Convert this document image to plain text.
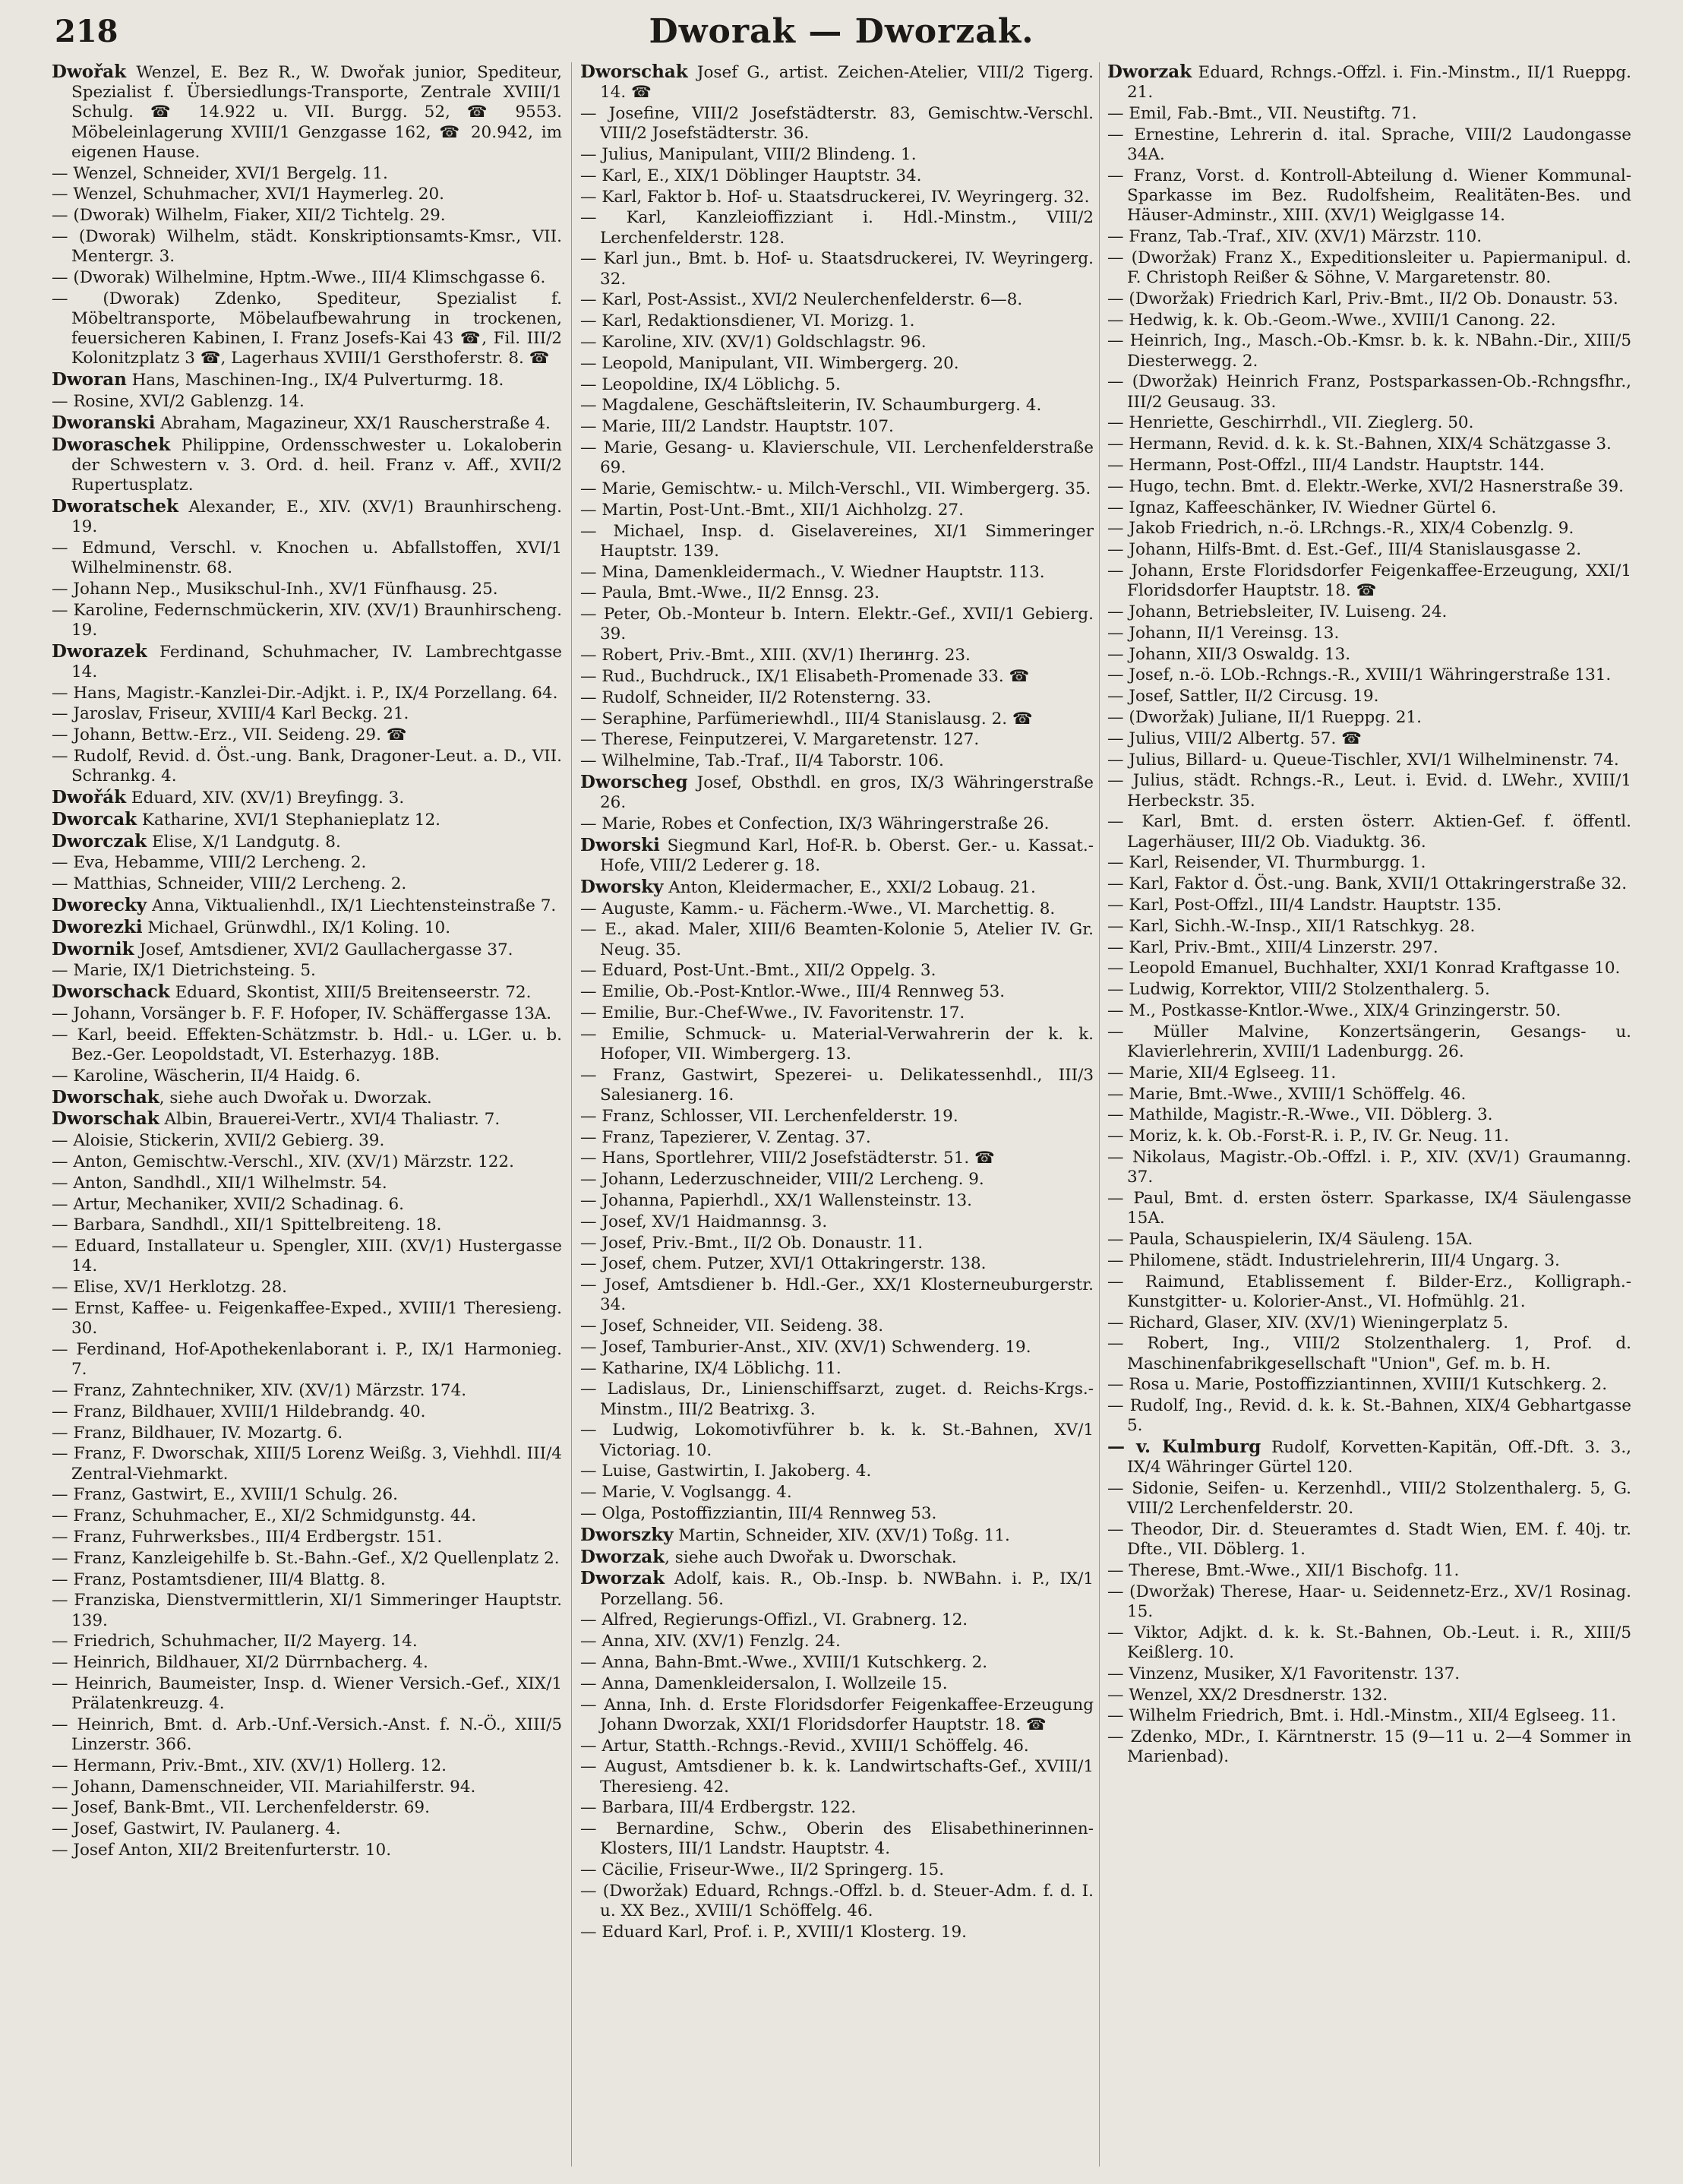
218	Dworak — Dworzak.
Dwořak Wenzel, E. Bez R., W. Dwořak junior, Spediteur, Spezialist f. Übersiedlungs-Transporte, Zentrale XVIII/1 Schulg. ☎ 14.922 u. VII. Burgg. 52, ☎ 9553. Möbeleinlagerung XVIII/1 Genzgasse 162, ☎ 20.942, im eigenen Hause.
— Wenzel, Schneider, XVI/1 Bergelg. 11.
— Wenzel, Schuhmacher, XVI/1 Haymerleg. 20.
— (Dworak) Wilhelm, Fiaker, XII/2 Tichtelg. 29.
— (Dworak) Wilhelm, städt. Konskriptionsamts-Kmsr., VII. Mentergr. 3.
— (Dworak) Wilhelmine, Hptm.-Wwe., III/4 Klimschgasse 6.
— (Dworak) Zdenko, Spediteur, Spezialist f. Möbeltransporte, Möbelaufbewahrung in trockenen, feuersicheren Kabinen, I. Franz Josefs-Kai 43 ☎, Fil. III/2 Kolonitzplatz 3 ☎, Lagerhaus XVIII/1 Gersthoferstr. 8. ☎
Dworan Hans, Maschinen-Ing., IX/4 Pulverturmg. 18.
— Rosine, XVI/2 Gablenzg. 14.
Dworanski Abraham, Magazineur, XX/1 Rauscherstraße 4.
Dworaschek Philippine, Ordensschwester u. Lokaloberin der Schwestern v. 3. Ord. d. heil. Franz v. Aff., XVII/2 Rupertusplatz.
Dworatschek Alexander, E., XIV. (XV/1) Braunhirscheng. 19.
— Edmund, Verschl. v. Knochen u. Abfallstoffen, XVI/1 Wilhelminenstr. 68.
— Johann Nep., Musikschul-Inh., XV/1 Fünfhausg. 25.
— Karoline, Federnschmückerin, XIV. (XV/1) Braunhirscheng. 19.
Dworazek Ferdinand, Schuhmacher, IV. Lambrechtgasse 14.
— Hans, Magistr.-Kanzlei-Dir.-Adjkt. i. P., IX/4 Porzellang. 64.
— Jaroslav, Friseur, XVIII/4 Karl Beckg. 21.
— Johann, Bettw.-Erz., VII. Seideng. 29. ☎
— Rudolf, Revid. d. Öst.-ung. Bank, Dragoner-Leut. a. D., VII. Schrankg. 4.
Dwořák Eduard, XIV. (XV/1) Breyfingg. 3.
Dworcak Katharine, XVI/1 Stephanieplatz 12.
Dworczak Elise, X/1 Landgutg. 8.
— Eva, Hebamme, VIII/2 Lercheng. 2.
— Matthias, Schneider, VIII/2 Lercheng. 2.
Dworecky Anna, Viktualienhdl., IX/1 Liechtensteinstraße 7.
Dworezki Michael, Grünwdhl., IX/1 Koling. 10.
Dwornik Josef, Amtsdiener, XVI/2 Gaullachergasse 37.
— Marie, IX/1 Dietrichsteing. 5.
Dworschack Eduard, Skontist, XIII/5 Breitenseerstr. 72.
— Johann, Vorsänger b. F. F. Hofoper, IV. Schäffergasse 13A.
— Karl, beeid. Effekten-Schätzmstr. b. Hdl.- u. LGer. u. b. Bez.-Ger. Leopoldstadt, VI. Esterhazyg. 18B.
— Karoline, Wäscherin, II/4 Haidg. 6.
Dworschak, siehe auch Dwořak u. Dworzak.
Dworschak Albin, Brauerei-Vertr., XVI/4 Thaliastr. 7.
— Aloisie, Stickerin, XVII/2 Gebierg. 39.
— Anton, Gemischtw.-Verschl., XIV. (XV/1) Märzstr. 122.
— Anton, Sandhdl., XII/1 Wilhelmstr. 54.
— Artur, Mechaniker, XVII/2 Schadinag. 6.
— Barbara, Sandhdl., XII/1 Spittelbreiteng. 18.
— Eduard, Installateur u. Spengler, XIII. (XV/1) Hustergasse 14.
— Elise, XV/1 Herklotzg. 28.
— Ernst, Kaffee- u. Feigenkaffee-Exped., XVIII/1 Theresieng. 30.
— Ferdinand, Hof-Apothekenlaborant i. P., IX/1 Harmonieg. 7.
— Franz, Zahntechniker, XIV. (XV/1) Märzstr. 174.
— Franz, Bildhauer, XVIII/1 Hildebrandg. 40.
— Franz, Bildhauer, IV. Mozartg. 6.
— Franz, F. Dworschak, XIII/5 Lorenz Weißg. 3, Viehhdl. III/4 Zentral-Viehmarkt.
— Franz, Gastwirt, E., XVIII/1 Schulg. 26.
— Franz, Schuhmacher, E., XI/2 Schmidgunstg. 44.
— Franz, Fuhrwerksbes., III/4 Erdbergstr. 151.
— Franz, Kanzleigehilfe b. St.-Bahn.-Gef., X/2 Quellenplatz 2.
— Franz, Postamtsdiener, III/4 Blattg. 8.
— Franziska, Dienstvermittlerin, XI/1 Simmeringer Hauptstr. 139.
— Friedrich, Schuhmacher, II/2 Mayerg. 14.
— Heinrich, Bildhauer, XI/2 Dürrnbacherg. 4.
— Heinrich, Baumeister, Insp. d. Wiener Versich.-Gef., XIX/1 Prälatenkreuzg. 4.
— Heinrich, Bmt. d. Arb.-Unf.-Versich.-Anst. f. N.-Ö., XIII/5 Linzerstr. 366.
— Hermann, Priv.-Bmt., XIV. (XV/1) Hollerg. 12.
— Johann, Damenschneider, VII. Mariahilferstr. 94.
— Josef, Bank-Bmt., VII. Lerchenfelderstr. 69.
— Josef, Gastwirt, IV. Paulanerg. 4.
— Josef Anton, XII/2 Breitenfurterstr. 10.
Dworschak Josef G., artist. Zeichen-Atelier, VIII/2 Tigerg. 14. ☎
— Josefine, VIII/2 Josefstädterstr. 83, Gemischtw.-Verschl. VIII/2 Josefstädterstr. 36.
— Julius, Manipulant, VIII/2 Blindeng. 1.
— Karl, E., XIX/1 Döblinger Hauptstr. 34.
— Karl, Faktor b. Hof- u. Staatsdruckerei, IV. Weyringerg. 32.
— Karl, Kanzleioffizziant i. Hdl.-Minstm., VIII/2 Lerchenfelderstr. 128.
— Karl jun., Bmt. b. Hof- u. Staatsdruckerei, IV. Weyringerg. 32.
— Karl, Post-Assist., XVI/2 Neulerchenfelderstr. 6—8.
— Karl, Redaktionsdiener, VI. Morizg. 1.
— Karoline, XIV. (XV/1) Goldschlagstr. 96.
— Leopold, Manipulant, VII. Wimbergerg. 20.
— Leopoldine, IX/4 Löblichg. 5.
— Magdalene, Geschäftsleiterin, IV. Schaumburgerg. 4.
— Marie, III/2 Landstr. Hauptstr. 107.
— Marie, Gesang- u. Klavierschule, VII. Lerchenfelderstraße 69.
— Marie, Gemischtw.- u. Milch-Verschl., VII. Wimbergerg. 35.
— Martin, Post-Unt.-Bmt., XII/1 Aichholzg. 27.
— Michael, Insp. d. Giselavereines, XI/1 Simmeringer Hauptstr. 139.
— Mina, Damenkleidermach., V. Wiedner Hauptstr. 113.
— Paula, Bmt.-Wwe., II/2 Ennsg. 23.
— Peter, Ob.-Monteur b. Intern. Elektr.-Gef., XVII/1 Gebierg. 39.
— Robert, Priv.-Bmt., XIII. (XV/1) Iherингg. 23.
— Rud., Buchdruck., IX/1 Elisabeth-Promenade 33. ☎
— Rudolf, Schneider, II/2 Rotensterng. 33.
— Seraphine, Parfümeriewhdl., III/4 Stanislausg. 2. ☎
— Therese, Feinputzerei, V. Margaretenstr. 127.
— Wilhelmine, Tab.-Traf., II/4 Taborstr. 106.
Dworscheg Josef, Obsthdl. en gros, IX/3 Währingerstraße 26.
— Marie, Robes et Confection, IX/3 Währingerstraße 26.
Dworski Siegmund Karl, Hof-R. b. Oberst. Ger.- u. Kassat.-Hofe, VIII/2 Lederer g. 18.
Dworsky Anton, Kleidermacher, E., XXI/2 Lobaug. 21.
— Auguste, Kamm.- u. Fächerm.-Wwe., VI. Marchettig. 8.
— E., akad. Maler, XIII/6 Beamten-Kolonie 5, Atelier IV. Gr. Neug. 35.
— Eduard, Post-Unt.-Bmt., XII/2 Oppelg. 3.
— Emilie, Ob.-Post-Kntlor.-Wwe., III/4 Rennweg 53.
— Emilie, Bur.-Chef-Wwe., IV. Favoritenstr. 17.
— Emilie, Schmuck- u. Material-Verwahrerin der k. k. Hofoper, VII. Wimbergerg. 13.
— Franz, Gastwirt, Spezerei- u. Delikatessenhdl., III/3 Salesianerg. 16.
— Franz, Schlosser, VII. Lerchenfelderstr. 19.
— Franz, Tapezierer, V. Zentag. 37.
— Hans, Sportlehrer, VIII/2 Josefstädterstr. 51. ☎
— Johann, Lederzuschneider, VIII/2 Lercheng. 9.
— Johanna, Papierhdl., XX/1 Wallensteinstr. 13.
— Josef, XV/1 Haidmannsg. 3.
— Josef, Priv.-Bmt., II/2 Ob. Donaustr. 11.
— Josef, chem. Putzer, XVI/1 Ottakringerstr. 138.
— Josef, Amtsdiener b. Hdl.-Ger., XX/1 Klosterneuburgerstr. 34.
— Josef, Schneider, VII. Seideng. 38.
— Josef, Tamburier-Anst., XIV. (XV/1) Schwenderg. 19.
— Katharine, IX/4 Löblichg. 11.
— Ladislaus, Dr., Linienschiffsarzt, zuget. d. Reichs-Krgs.-Minstm., III/2 Beatrixg. 3.
— Ludwig, Lokomotivführer b. k. k. St.-Bahnen, XV/1 Victoriag. 10.
— Luise, Gastwirtin, I. Jakoberg. 4.
— Marie, V. Voglsangg. 4.
— Olga, Postoffizziantin, III/4 Rennweg 53.
Dworszky Martin, Schneider, XIV. (XV/1) Toßg. 11.
Dworzak, siehe auch Dwořak u. Dworschak.
Dworzak Adolf, kais. R., Ob.-Insp. b. NWBahn. i. P., IX/1 Porzellang. 56.
— Alfred, Regierungs-Offizl., VI. Grabnerg. 12.
— Anna, XIV. (XV/1) Fenzlg. 24.
— Anna, Bahn-Bmt.-Wwe., XVIII/1 Kutschkerg. 2.
— Anna, Damenkleidersalon, I. Wollzeile 15.
— Anna, Inh. d. Erste Floridsdorfer Feigenkaffee-Erzeugung Johann Dworzak, XXI/1 Floridsdorfer Hauptstr. 18. ☎
— Artur, Statth.-Rchngs.-Revid., XVIII/1 Schöffelg. 46.
— August, Amtsdiener b. k. k. Landwirtschafts-Gef., XVIII/1 Theresieng. 42.
— Barbara, III/4 Erdbergstr. 122.
— Bernardine, Schw., Oberin des Elisabethinerinnen-Klosters, III/1 Landstr. Hauptstr. 4.
— Cäcilie, Friseur-Wwe., II/2 Springerg. 15.
— (Dworžak) Eduard, Rchngs.-Offzl. b. d. Steuer-Adm. f. d. I. u. XX Bez., XVIII/1 Schöffelg. 46.
— Eduard Karl, Prof. i. P., XVIII/1 Klosterg. 19.
Dworzak Eduard, Rchngs.-Offzl. i. Fin.-Minstm., II/1 Rueppg. 21.
— Emil, Fab.-Bmt., VII. Neustiftg. 71.
— Ernestine, Lehrerin d. ital. Sprache, VIII/2 Laudongasse 34A.
— Franz, Vorst. d. Kontroll-Abteilung d. Wiener Kommunal-Sparkasse im Bez. Rudolfsheim, Realitäten-Bes. und Häuser-Adminstr., XIII. (XV/1) Weiglgasse 14.
— Franz, Tab.-Traf., XIV. (XV/1) Märzstr. 110.
— (Dworžak) Franz X., Expeditionsleiter u. Papiermanipul. d. F. Christoph Reißer & Söhne, V. Margaretenstr. 80.
— (Dworžak) Friedrich Karl, Priv.-Bmt., II/2 Ob. Donaustr. 53.
— Hedwig, k. k. Ob.-Geom.-Wwe., XVIII/1 Canong. 22.
— Heinrich, Ing., Masch.-Ob.-Kmsr. b. k. k. NBahn.-Dir., XIII/5 Diesterwegg. 2.
— (Dworžak) Heinrich Franz, Postsparkassen-Ob.-Rchngsfhr., III/2 Geusaug. 33.
— Henriette, Geschirrhdl., VII. Zieglerg. 50.
— Hermann, Revid. d. k. k. St.-Bahnen, XIX/4 Schätzgasse 3.
— Hermann, Post-Offzl., III/4 Landstr. Hauptstr. 144.
— Hugo, techn. Bmt. d. Elektr.-Werke, XVI/2 Hasnerstraße 39.
— Ignaz, Kaffeeschänker, IV. Wiedner Gürtel 6.
— Jakob Friedrich, n.-ö. LRchngs.-R., XIX/4 Cobenzlg. 9.
— Johann, Hilfs-Bmt. d. Est.-Gef., III/4 Stanislausgasse 2.
— Johann, Erste Floridsdorfer Feigenkaffee-Erzeugung, XXI/1 Floridsdorfer Hauptstr. 18. ☎
— Johann, Betriebsleiter, IV. Luiseng. 24.
— Johann, II/1 Vereinsg. 13.
— Johann, XII/3 Oswaldg. 13.
— Josef, n.-ö. LOb.-Rchngs.-R., XVIII/1 Währingerstraße 131.
— Josef, Sattler, II/2 Circusg. 19.
— (Dworžak) Juliane, II/1 Rueppg. 21.
— Julius, VIII/2 Albertg. 57. ☎
— Julius, Billard- u. Queue-Tischler, XVI/1 Wilhelminenstr. 74.
— Julius, städt. Rchngs.-R., Leut. i. Evid. d. LWehr., XVIII/1 Herbeckstr. 35.
— Karl, Bmt. d. ersten österr. Aktien-Gef. f. öffentl. Lagerhäuser, III/2 Ob. Viaduktg. 36.
— Karl, Reisender, VI. Thurmburgg. 1.
— Karl, Faktor d. Öst.-ung. Bank, XVII/1 Ottakringerstraße 32.
— Karl, Post-Offzl., III/4 Landstr. Hauptstr. 135.
— Karl, Sichh.-W.-Insp., XII/1 Ratschkyg. 28.
— Karl, Priv.-Bmt., XIII/4 Linzerstr. 297.
— Leopold Emanuel, Buchhalter, XXI/1 Konrad Kraftgasse 10.
— Ludwig, Korrektor, VIII/2 Stolzenthalerg. 5.
— M., Postkasse-Kntlor.-Wwe., XIX/4 Grinzingerstr. 50.
— Müller Malvine, Konzertsängerin, Gesangs- u. Klavierlehrerin, XVIII/1 Ladenburgg. 26.
— Marie, XII/4 Eglseeg. 11.
— Marie, Bmt.-Wwe., XVIII/1 Schöffelg. 46.
— Mathilde, Magistr.-R.-Wwe., VII. Döblerg. 3.
— Moriz, k. k. Ob.-Forst-R. i. P., IV. Gr. Neug. 11.
— Nikolaus, Magistr.-Ob.-Offzl. i. P., XIV. (XV/1) Graumanng. 37.
— Paul, Bmt. d. ersten österr. Sparkasse, IX/4 Säulengasse 15A.
— Paula, Schauspielerin, IX/4 Säuleng. 15A.
— Philomene, städt. Industrielehrerin, III/4 Ungarg. 3.
— Raimund, Etablissement f. Bilder-Erz., Kolligraph.-Kunstgitter- u. Kolorier-Anst., VI. Hofmühlg. 21.
— Richard, Glaser, XIV. (XV/1) Wieningerplatz 5.
— Robert, Ing., VIII/2 Stolzenthalerg. 1, Prof. d. Maschinenfabrikgesellschaft "Union", Gef. m. b. H.
— Rosa u. Marie, Postoffizziantinnen, XVIII/1 Kutschkerg. 2.
— Rudolf, Ing., Revid. d. k. k. St.-Bahnen, XIX/4 Gebhartgasse 5.
— v. Kulmburg Rudolf, Korvetten-Kapitän, Off.-Dft. 3. 3., IX/4 Währinger Gürtel 120.
— Sidonie, Seifen- u. Kerzenhdl., VIII/2 Stolzenthalerg. 5, G. VIII/2 Lerchenfelderstr. 20.
— Theodor, Dir. d. Steueramtes d. Stadt Wien, EM. f. 40j. tr. Dfte., VII. Döblerg. 1.
— Therese, Bmt.-Wwe., XII/1 Bischofg. 11.
— (Dworžak) Therese, Haar- u. Seidennetz-Erz., XV/1 Rosinag. 15.
— Viktor, Adjkt. d. k. k. St.-Bahnen, Ob.-Leut. i. R., XIII/5 Keißlerg. 10.
— Vinzenz, Musiker, X/1 Favoritenstr. 137.
— Wenzel, XX/2 Dresdnerstr. 132.
— Wilhelm Friedrich, Bmt. i. Hdl.-Minstm., XII/4 Eglseeg. 11.
— Zdenko, MDr., I. Kärntnerstr. 15 (9—11 u. 2—4 Sommer in Marienbad).
